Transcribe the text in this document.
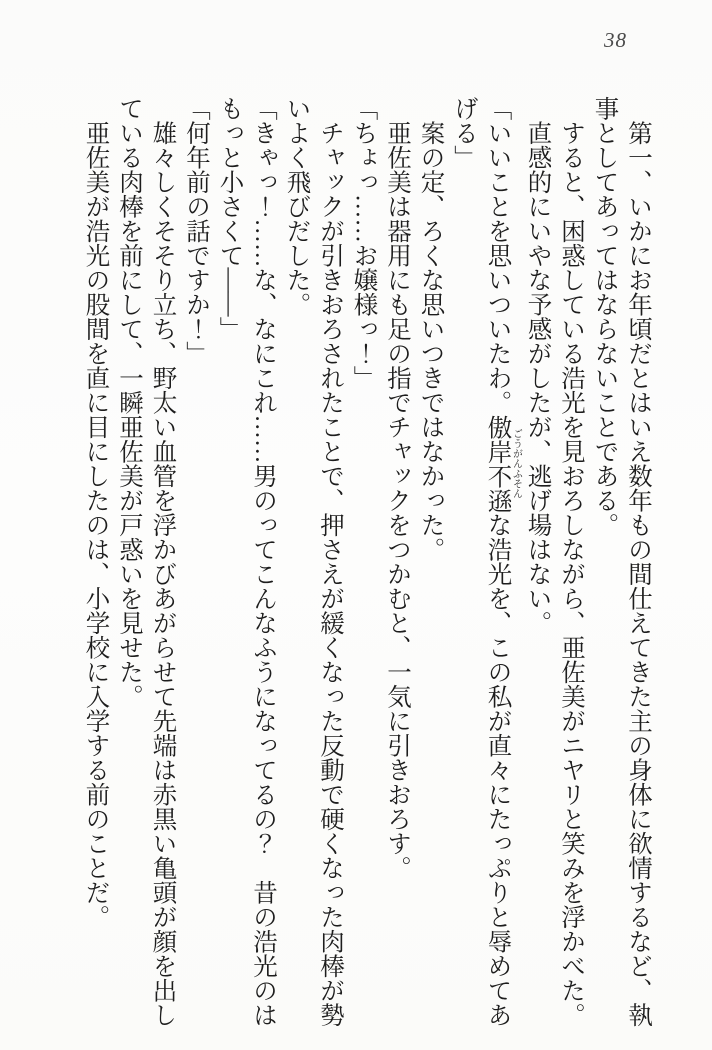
38
　第一、いかにお年頃だとはいえ数年もの間仕えてきた主の身体に欲情するなど、執
事としてあってはならないことである。
　すると、困惑している浩光を見おろしながら、亜佐美がニヤリと笑みを浮かべた。
　直感的にいやな予感がしたが、逃げ場はない。
「いいことを思いついたわ。傲岸不遜 ごうがんふそんな浩光を、この私が直々にたっぷりと辱めてあ
げる」
　案の定、ろくな思いつきではなかった。
　亜佐美は器用にも足の指でチャックをつかむと、一気に引きおろす。
「ちょっ……お嬢様っ！」
　チャックが引きおろされたことで、押さえが緩くなった反動で硬くなった肉棒が勢
いよく飛びだした。
「きゃっ！……な、なにこれ……男のってこんなふうになってるの？　昔の浩光のは
もっと小さくて――」
「何年前の話ですか！」
　雄々しくそそり立ち、野太い血管を浮かびあがらせて先端は赤黒い亀頭が顔を出し
ている肉棒を前にして、一瞬亜佐美が戸惑いを見せた。
　亜佐美が浩光の股間を直に目にしたのは、小学校に入学する前のことだ。
